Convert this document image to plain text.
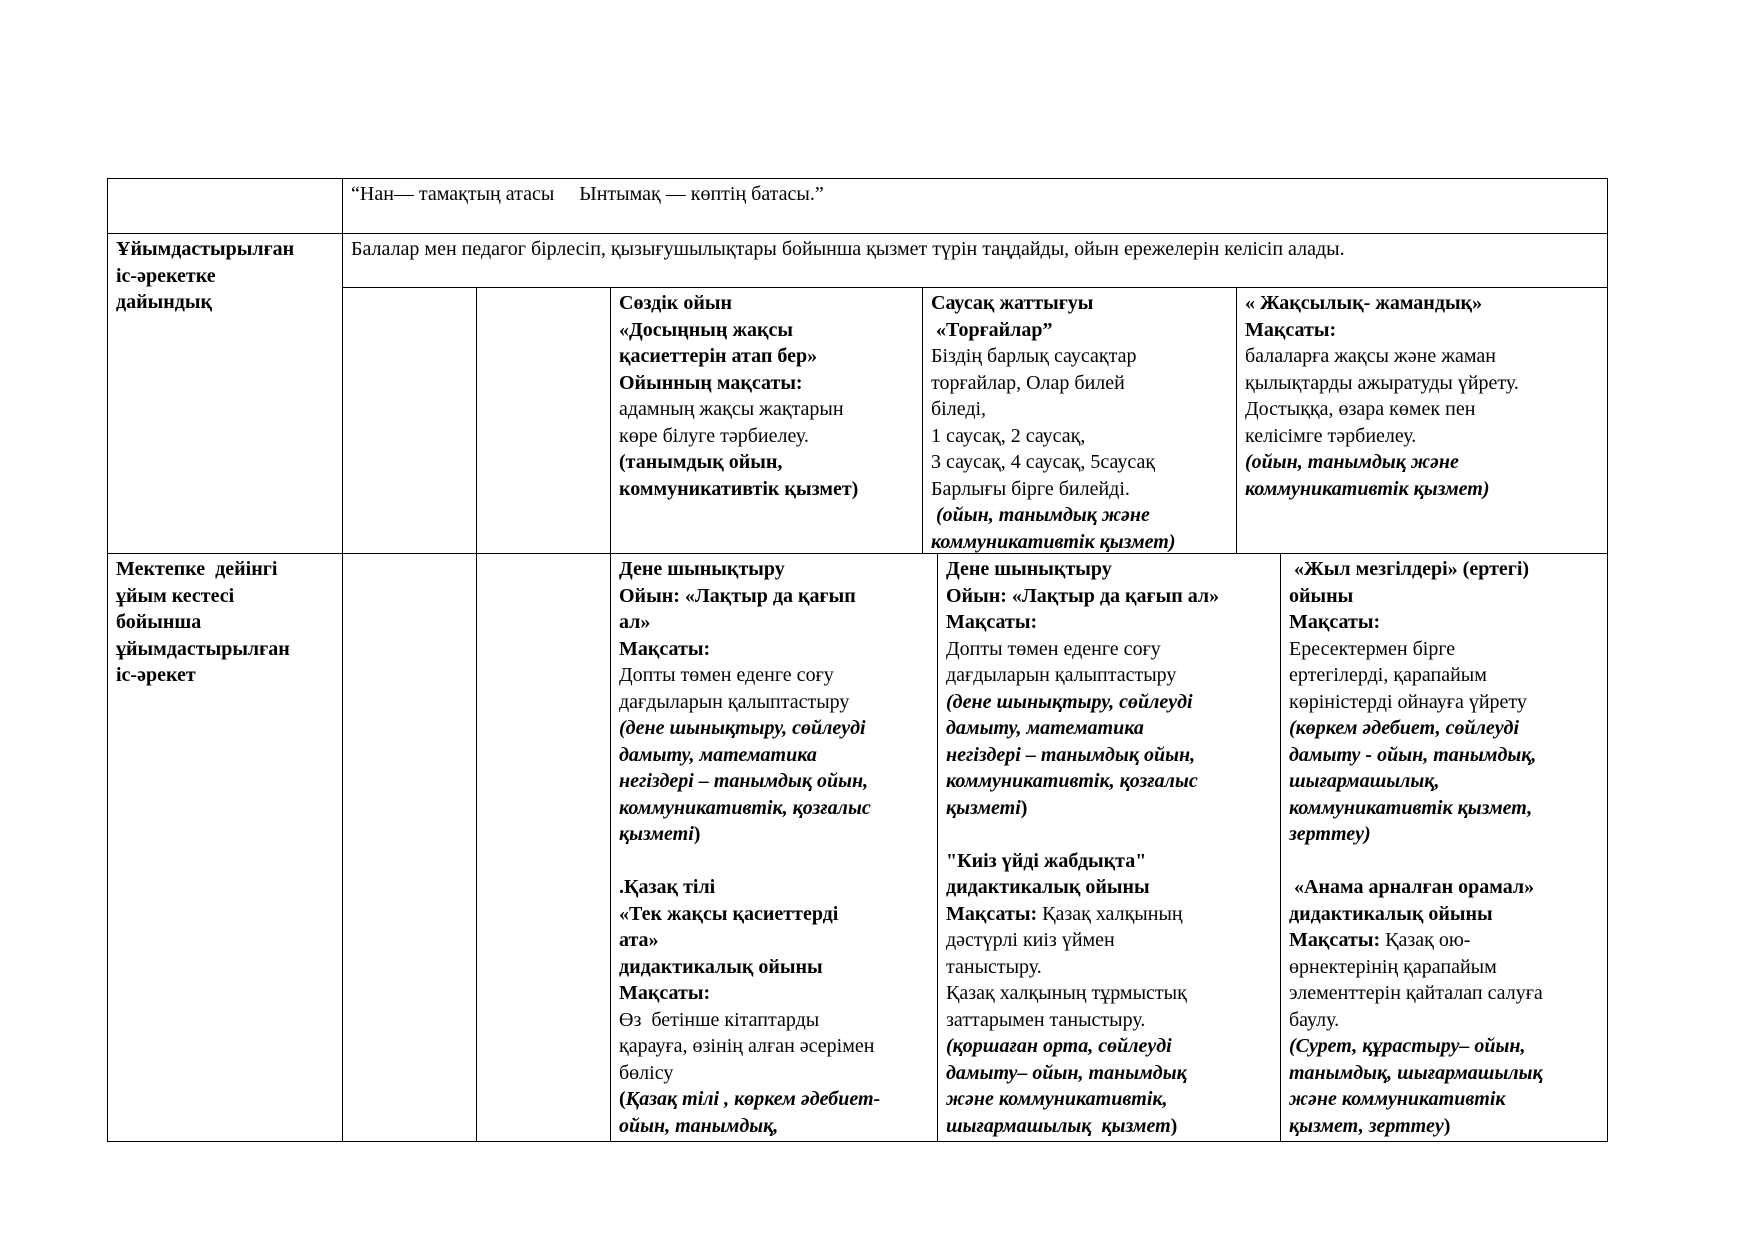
“Нан— тамақтың атасы     Ынтымақ — көптің батасы.”
Ұйымдастырылған
іс-әрекетке
дайындық
Балалар мен педагог бірлесіп, қызығушылықтары бойынша қызмет түрін таңдайды, ойын ережелерін келісіп алады.
Сөздік ойын
«Досыңның жақсы
қасиеттерін атап бер»
Ойынның мақсаты:
адамның жақсы жақтарын
көре білуге тәрбиелеу.
(танымдық ойын,
коммуникативтік қызмет)
Саусақ жаттығуы
«Торғайлар”
Біздің барлық саусақтар
торғайлар, Олар билей
біледі,
1 саусақ, 2 саусақ,
3 саусақ, 4 саусақ, 5саусақ
Барлығы бірге билейді.
(ойын, танымдық және
коммуникативтік қызмет)
« Жақсылық- жамандық»
Мақсаты:
балаларға жақсы және жаман
қылықтарды ажыратуды үйрету.
Достыққа, өзара көмек пен
келісімге тәрбиелеу.
(ойын, танымдық және
коммуникативтік қызмет)
Мектепке  дейінгі
ұйым кестесі
бойынша
ұйымдастырылған
іс-әрекет
Дене шынықтыру
Ойын: «Лақтыр да қағып
ал»
Мақсаты:
Допты төмен еденге соғу
дағдыларын қалыптастыру
(дене шынықтыру, сөйлеуді
дамыту, математика
негіздері – танымдық ойын,
коммуникативтік, қозғалыс
қызметі)
.Қазақ тілі
«Тек жақсы қасиеттерді
ата»
дидактикалық ойыны
Мақсаты:
Өз  бетінше кітаптарды
қарауға, өзінің алған әсерімен
бөлісу
(Қазақ тілі , көркем әдебиет-
ойын, танымдық,
Дене шынықтыру
Ойын: «Лақтыр да қағып ал»
Мақсаты:
Допты төмен еденге соғу
дағдыларын қалыптастыру
(дене шынықтыру, сөйлеуді
дамыту, математика
негіздері – танымдық ойын,
коммуникативтік, қозғалыс
қызметі)
"Киіз үйді жабдықта"
дидактикалық ойыны
Мақсаты: Қазақ халқының
дәстүрлі киіз үймен
таныстыру.
Қазақ халқының тұрмыстық
заттарымен таныстыру.
(қоршаған орта, сөйлеуді
дамыту– ойын, танымдық
және коммуникативтік,
шығармашылық  қызмет)
«Жыл мезгілдері» (ертегі)
ойыны
Мақсаты:
Ересектермен бірге
ертегілерді, қарапайым
көріністерді ойнауға үйрету
(көркем әдебиет, сөйлеуді
дамыту - ойын, танымдық,
шығармашылық,
коммуникативтік қызмет,
зерттеу)
«Анама арналған орамал»
дидактикалық ойыны
Мақсаты: Қазақ ою-
өрнектерінің қарапайым
элементтерін қайталап салуға
баулу.
(Сурет, құрастыру– ойын,
танымдық, шығармашылық
және коммуникативтік
қызмет, зерттеу)
